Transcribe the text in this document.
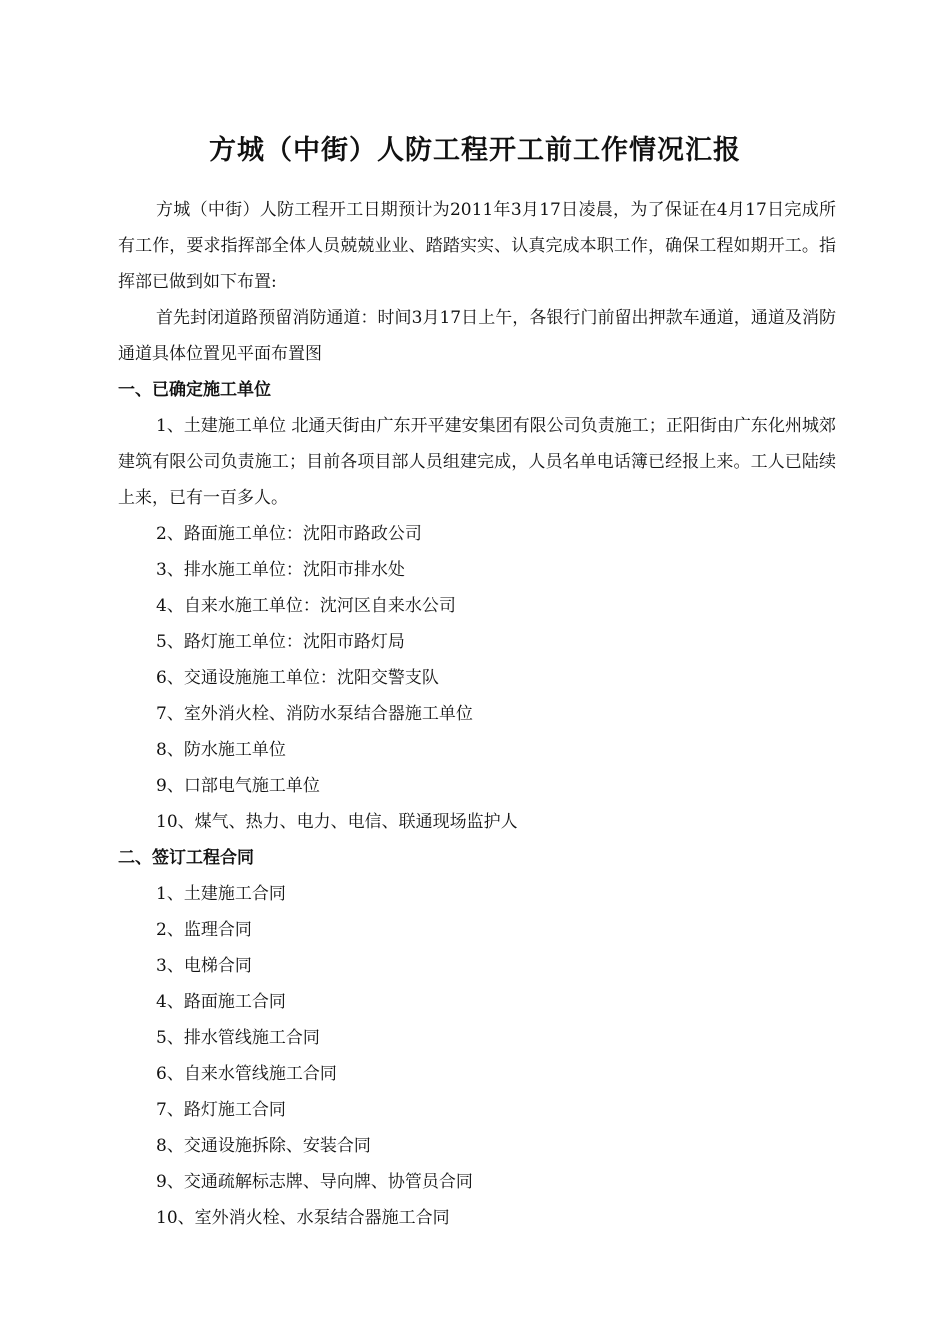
方城（中街）人防工程开工前工作情况汇报

方城（中街）人防工程开工日期预计为2011年3月17日凌晨，为了保证在4月17日完成所有工作，要求指挥部全体人员兢兢业业、踏踏实实、认真完成本职工作，确保工程如期开工。指挥部已做到如下布置:

首先封闭道路预留消防通道：时间3月17日上午，各银行门前留出押款车通道，通道及消防通道具体位置见平面布置图

一、已确定施工单位

1、土建施工单位 北通天街由广东开平建安集团有限公司负责施工；正阳街由广东化州城郊建筑有限公司负责施工；目前各项目部人员组建完成，人员名单电话簿已经报上来。工人已陆续上来，已有一百多人。

2、路面施工单位：沈阳市路政公司

3、排水施工单位：沈阳市排水处

4、自来水施工单位：沈河区自来水公司

5、路灯施工单位：沈阳市路灯局

6、交通设施施工单位：沈阳交警支队

7、室外消火栓、消防水泵结合器施工单位

8、防水施工单位

9、口部电气施工单位

10、煤气、热力、电力、电信、联通现场监护人

二、签订工程合同

1、土建施工合同

2、监理合同

3、电梯合同

4、路面施工合同

5、排水管线施工合同

6、自来水管线施工合同

7、路灯施工合同

8、交通设施拆除、安装合同

9、交通疏解标志牌、导向牌、协管员合同

10、室外消火栓、水泵结合器施工合同
